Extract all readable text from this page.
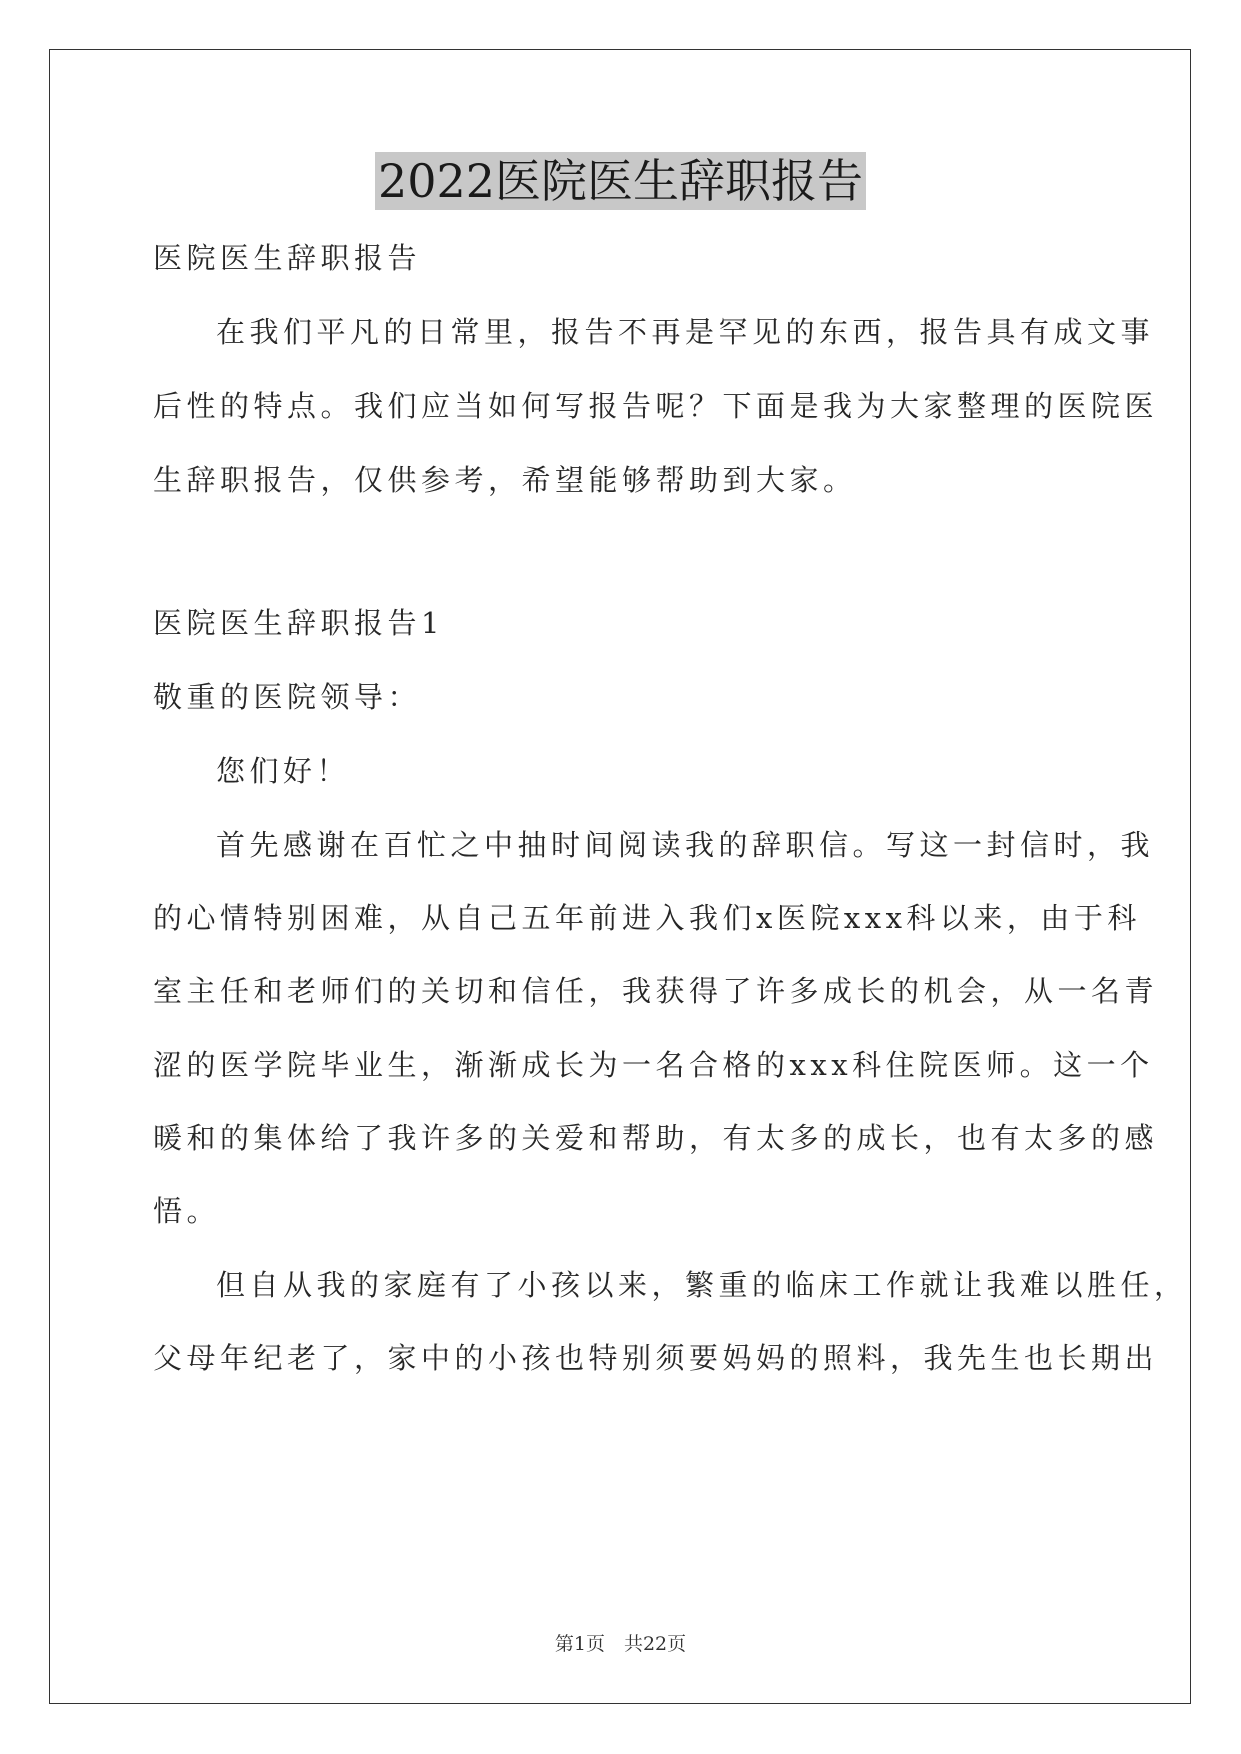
2022医院医生辞职报告
医院医生辞职报告
在我们平凡的日常里，报告不再是罕见的东西，报告具有成文事
后性的特点。我们应当如何写报告呢？下面是我为大家整理的医院医
生辞职报告，仅供参考，希望能够帮助到大家。
医院医生辞职报告1
敬重的医院领导：
您们好！
首先感谢在百忙之中抽时间阅读我的辞职信。写这一封信时，我
的心情特别困难，从自己五年前进入我们x医院xxx科以来，由于科
室主任和老师们的关切和信任，我获得了许多成长的机会，从一名青
涩的医学院毕业生，渐渐成长为一名合格的xxx科住院医师。这一个
暖和的集体给了我许多的关爱和帮助，有太多的成长，也有太多的感
悟。
但自从我的家庭有了小孩以来，繁重的临床工作就让我难以胜任，
父母年纪老了，家中的小孩也特别须要妈妈的照料，我先生也长期出
第1页　共22页
